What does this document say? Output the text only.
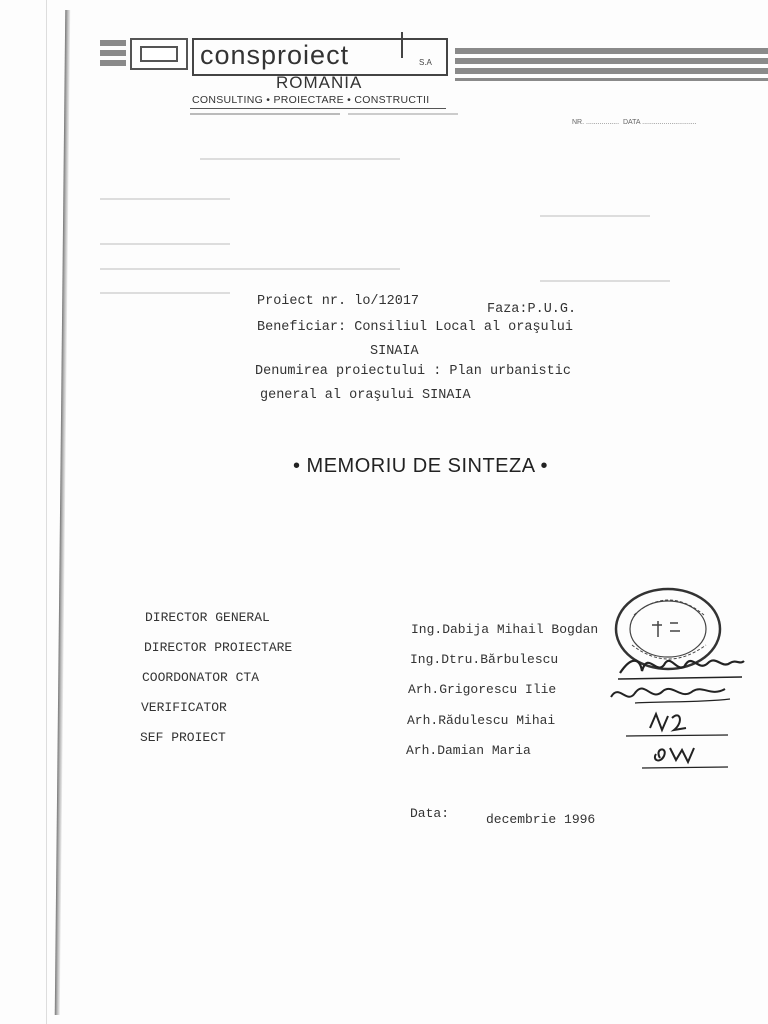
consproiect	S.A
ROMANIA
CONSULTING • PROIECTARE • CONSTRUCTII

NR. ................. DATA ............................
Proiect nr. lo/12017
Faza:P.U.G.
Beneficiar: Consiliul Local al oraşului
SINAIA
Denumirea proiectului : Plan urbanistic
general al oraşului SINAIA
• MEMORIU DE SINTEZA •
DIRECTOR GENERAL
DIRECTOR PROIECTARE
COORDONATOR CTA
VERIFICATOR
SEF PROIECT
Ing.Dabija Mihail Bogdan
Ing.Dtru.Bărbulescu
Arh.Grigorescu Ilie
Arh.Rădulescu Mihai
Arh.Damian Maria
Data:	decembrie 1996
